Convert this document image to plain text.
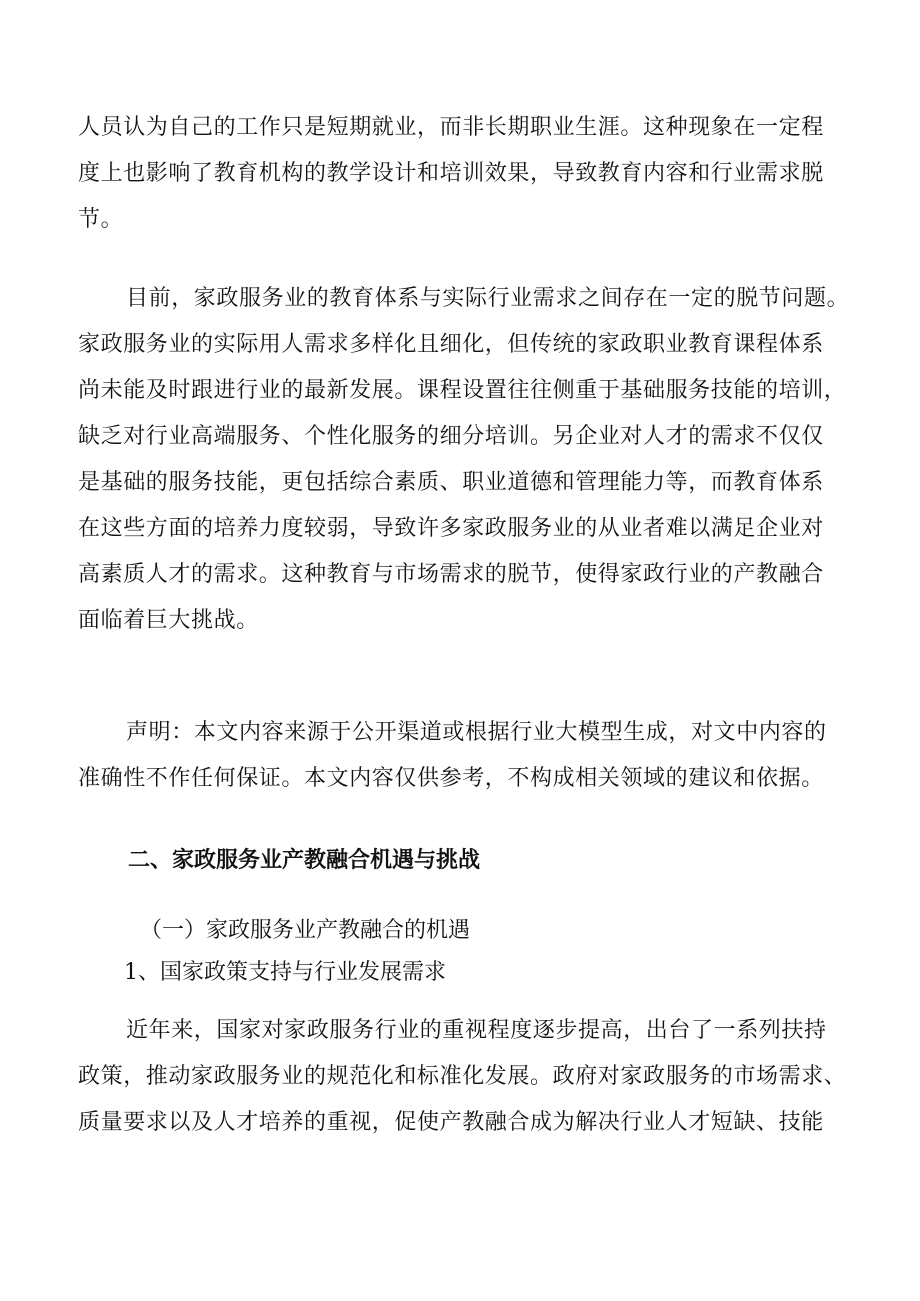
人员认为自己的工作只是短期就业，而非长期职业生涯。这种现象在一定程
度上也影响了教育机构的教学设计和培训效果，导致教育内容和行业需求脱
节。
目前，家政服务业的教育体系与实际行业需求之间存在一定的脱节问题。
家政服务业的实际用人需求多样化且细化，但传统的家政职业教育课程体系
尚未能及时跟进行业的最新发展。课程设置往往侧重于基础服务技能的培训，
缺乏对行业高端服务、个性化服务的细分培训。另企业对人才的需求不仅仅
是基础的服务技能，更包括综合素质、职业道德和管理能力等，而教育体系
在这些方面的培养力度较弱，导致许多家政服务业的从业者难以满足企业对
高素质人才的需求。这种教育与市场需求的脱节，使得家政行业的产教融合
面临着巨大挑战。
声明：本文内容来源于公开渠道或根据行业大模型生成，对文中内容的
准确性不作任何保证。本文内容仅供参考，不构成相关领域的建议和依据。
二、家政服务业产教融合机遇与挑战
（一）家政服务业产教融合的机遇
1、国家政策支持与行业发展需求
近年来，国家对家政服务行业的重视程度逐步提高，出台了一系列扶持
政策，推动家政服务业的规范化和标准化发展。政府对家政服务的市场需求、
质量要求以及人才培养的重视，促使产教融合成为解决行业人才短缺、技能
